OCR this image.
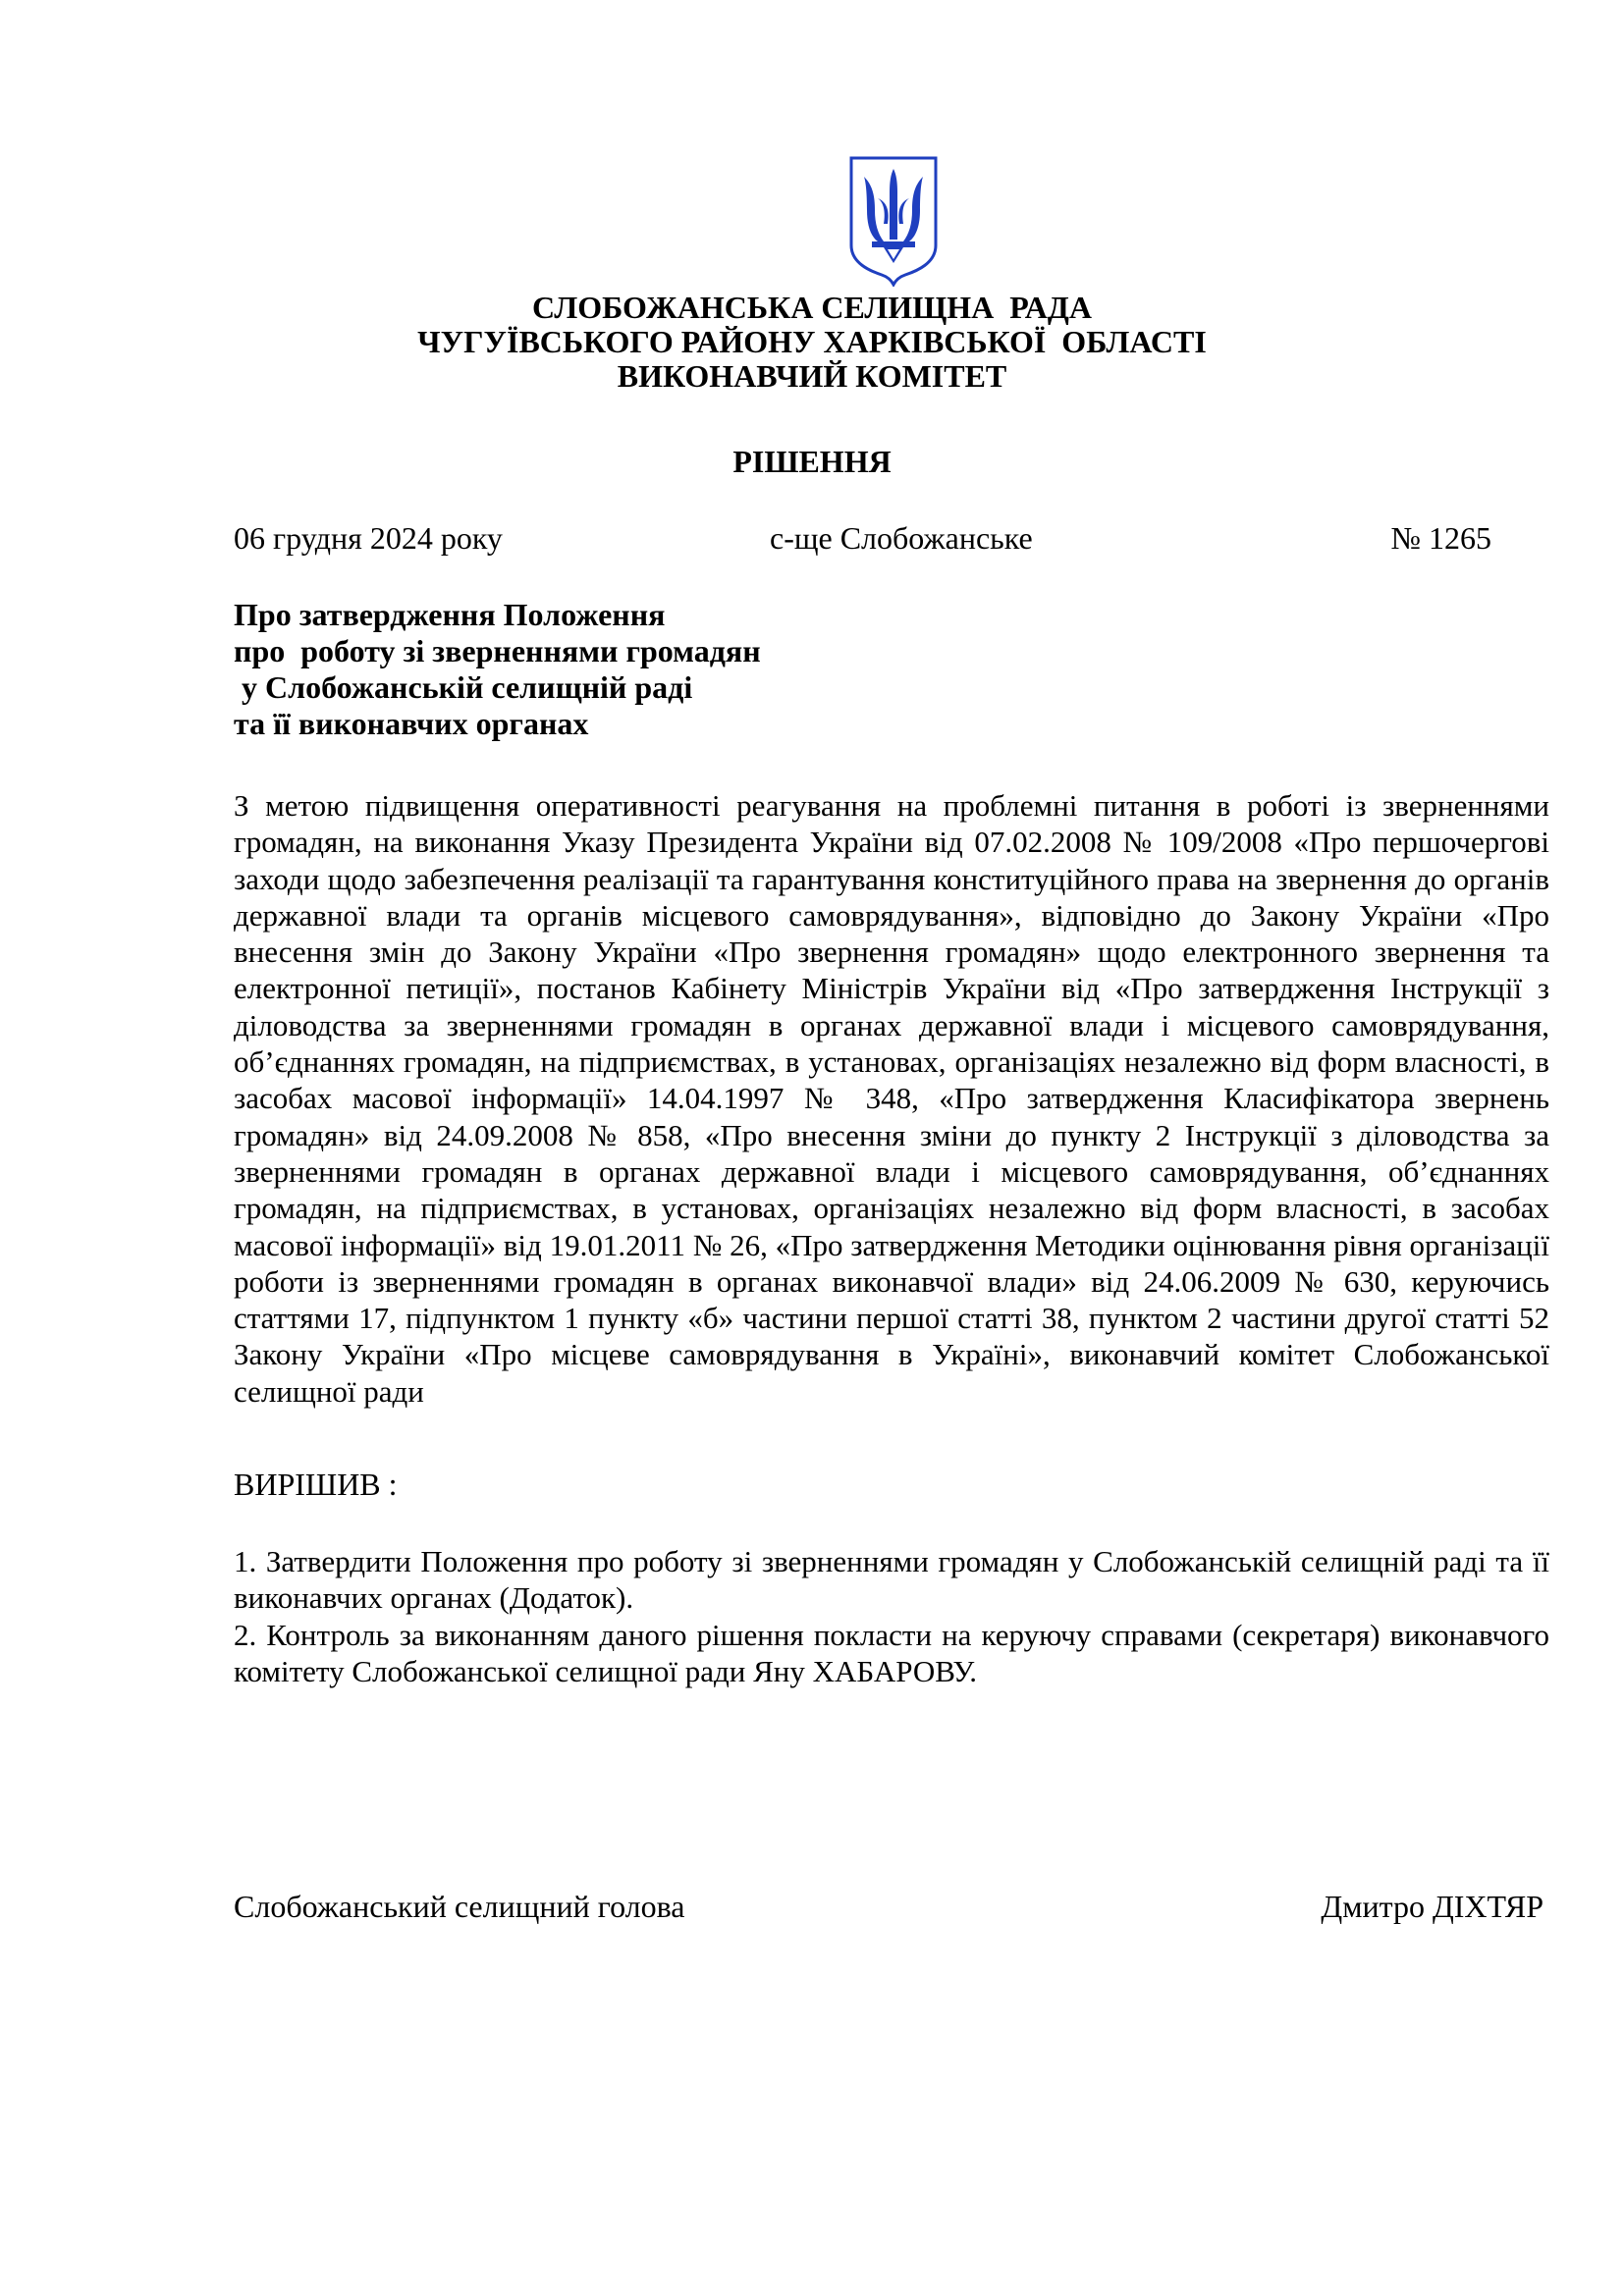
СЛОБОЖАНСЬКА СЕЛИЩНА  РАДА
ЧУГУЇВСЬКОГО РАЙОНУ ХАРКІВСЬКОЇ  ОБЛАСТІ
ВИКОНАВЧИЙ КОМІТЕТ
РІШЕННЯ
06 грудня 2024 року	с-ще Слобожанське	№ 1265
Про затвердження Положення
про  роботу зі зверненнями громадян
у Слобожанській селищній раді
та її виконавчих органах
З метою підвищення оперативності реагування на проблемні питання в роботі із зверненнями громадян, на виконання Указу Президента України від 07.02.2008 № 109/2008 «Про першочергові заходи щодо забезпечення реалізації та гарантування конституційного права на звернення до органів державної влади та органів місцевого самоврядування», відповідно до Закону України «Про внесення змін до Закону України «Про звернення громадян» щодо електронного звернення та електронної петиції», постанов Кабінету Міністрів України від «Про затвердження Інструкції з діловодства за зверненнями громадян в органах державної влади і місцевого самоврядування, об’єднаннях громадян, на підприємствах, в установах, організаціях незалежно від форм власності, в засобах масової інформації» 14.04.1997 № 348, «Про затвердження Класифікатора звернень громадян» від 24.09.2008 № 858, «Про внесення зміни до пункту 2 Інструкції з діловодства за зверненнями громадян в органах державної влади і місцевого самоврядування, об’єднаннях громадян, на підприємствах, в установах, організаціях незалежно від форм власності, в засобах масової інформації» від 19.01.2011 № 26, «Про затвердження Методики оцінювання рівня організації роботи із зверненнями громадян в органах виконавчої влади» від 24.06.2009 № 630, керуючись статтями 17, підпунктом 1 пункту «б» частини першої статті 38, пунктом 2 частини другої статті 52 Закону України «Про місцеве самоврядування в Україні», виконавчий комітет Слобожанської селищної ради
ВИРІШИВ :
1. Затвердити Положення про роботу зі зверненнями громадян у Слобожанській селищній раді та її виконавчих органах (Додаток).
2. Контроль за виконанням даного рішення покласти на керуючу справами (секретаря) виконавчого комітету Слобожанської селищної ради Яну ХАБАРОВУ.
Слобожанський селищний голова	Дмитро ДІХТЯР
